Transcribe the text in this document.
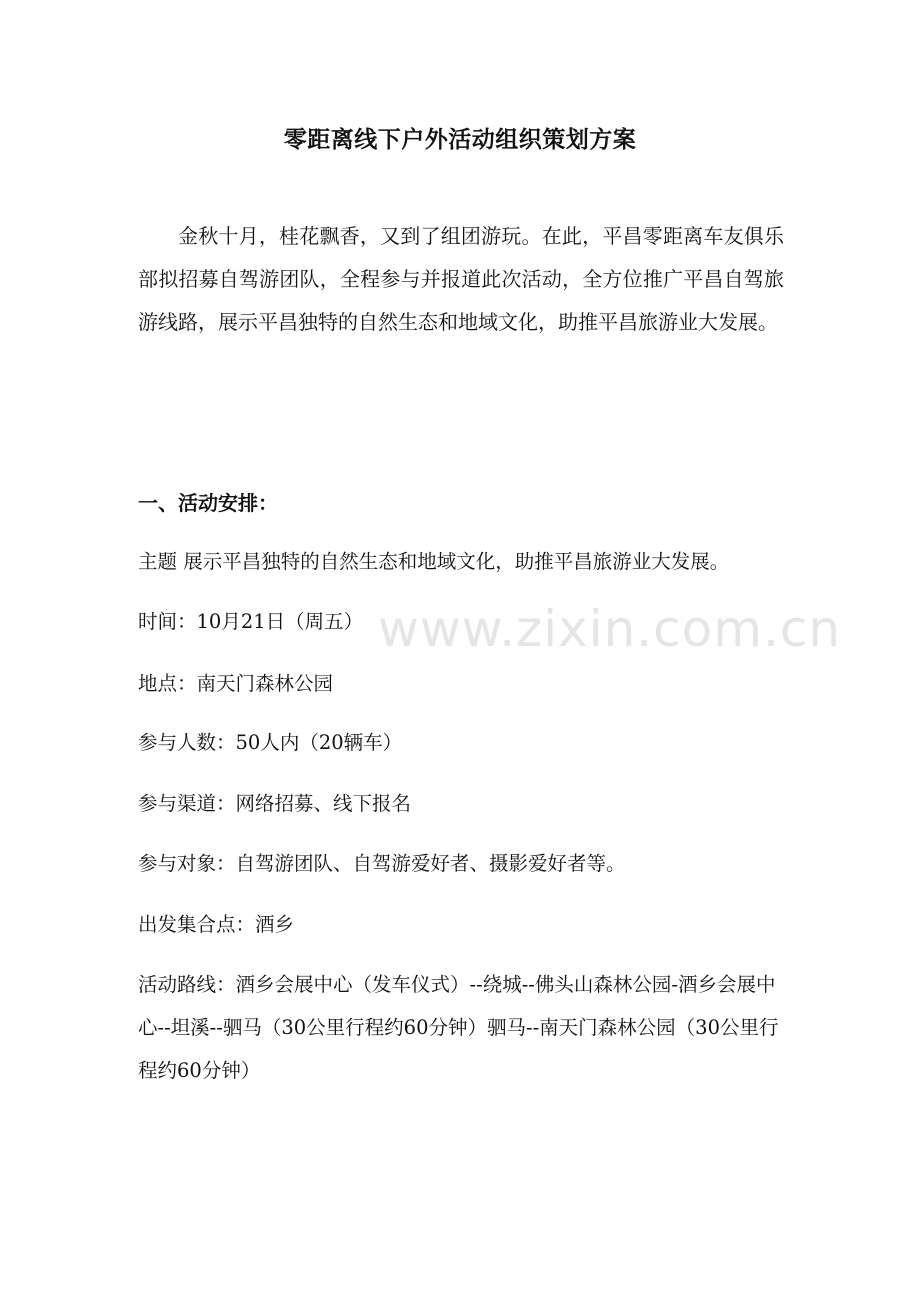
零距离线下户外活动组织策划方案

金秋十月，桂花飘香，又到了组团游玩。在此，平昌零距离车友俱乐部拟招募自驾游团队，全程参与并报道此次活动，全方位推广平昌自驾旅游线路，展示平昌独特的自然生态和地域文化，助推平昌旅游业大发展。

一、活动安排：

主题 展示平昌独特的自然生态和地域文化，助推平昌旅游业大发展。

时间：10月21日（周五）

地点：南天门森林公园

参与人数：50人内（20辆车）

参与渠道：网络招募、线下报名

参与对象：自驾游团队、自驾游爱好者、摄影爱好者等。

出发集合点：酒乡

活动路线：酒乡会展中心（发车仪式）--绕城--佛头山森林公园-酒乡会展中心--坦溪--驷马（30公里行程约60分钟）驷马--南天门森林公园（30公里行程约60分钟）

www.zixin.com.cn
